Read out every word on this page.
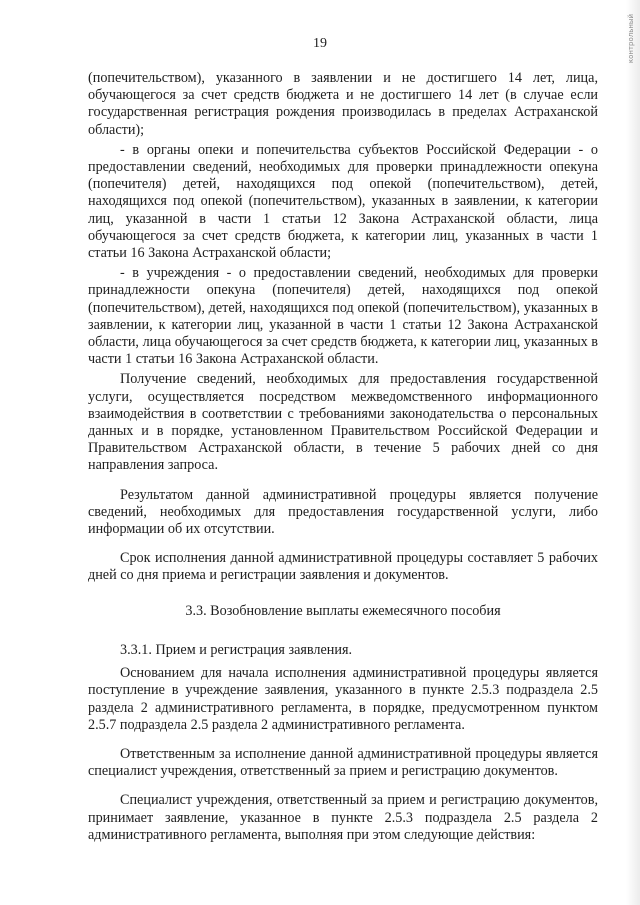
контрольный
19

(попечительством), указанного в заявлении и не достигшего 14 лет, лица, обучающегося за счет средств бюджета и не достигшего 14 лет (в случае если государственная регистрация рождения производилась в пределах Астраханской области);

- в органы опеки и попечительства субъектов Российской Федерации - о предоставлении сведений, необходимых для проверки принадлежности опекуна (попечителя) детей, находящихся под опекой (попечительством), детей, находящихся под опекой (попечительством), указанных в заявлении, к категории лиц, указанной в части 1 статьи 12 Закона Астраханской области, лица обучающегося за счет средств бюджета, к категории лиц, указанных в части 1 статьи 16 Закона Астраханской области;

- в учреждения - о предоставлении сведений, необходимых для проверки принадлежности опекуна (попечителя) детей, находящихся под опекой (попечительством), детей, находящихся под опекой (попечительством), указанных в заявлении, к категории лиц, указанной в части 1 статьи 12 Закона Астраханской области, лица обучающегося за счет средств бюджета, к категории лиц, указанных в части 1 статьи 16 Закона Астраханской области.

Получение сведений, необходимых для предоставления государственной услуги, осуществляется посредством межведомственного информационного взаимодействия в соответствии с требованиями законодательства о персональных данных и в порядке, установленном Правительством Российской Федерации и Правительством Астраханской области, в течение 5 рабочих дней со дня направления запроса.

Результатом данной административной процедуры является получение сведений, необходимых для предоставления государственной услуги, либо информации об их отсутствии.

Срок исполнения данной административной процедуры составляет 5 рабочих дней со дня приема и регистрации заявления и документов.

3.3. Возобновление выплаты ежемесячного пособия

3.3.1. Прием и регистрация заявления.

Основанием для начала исполнения административной процедуры является поступление в учреждение заявления, указанного в пункте 2.5.3 подраздела 2.5 раздела 2 административного регламента, в порядке, предусмотренном пунктом 2.5.7 подраздела 2.5 раздела 2 административного регламента.

Ответственным за исполнение данной административной процедуры является специалист учреждения, ответственный за прием и регистрацию документов.

Специалист учреждения, ответственный за прием и регистрацию документов, принимает заявление, указанное в пункте 2.5.3 подраздела 2.5 раздела 2 административного регламента, выполняя при этом следующие действия:
